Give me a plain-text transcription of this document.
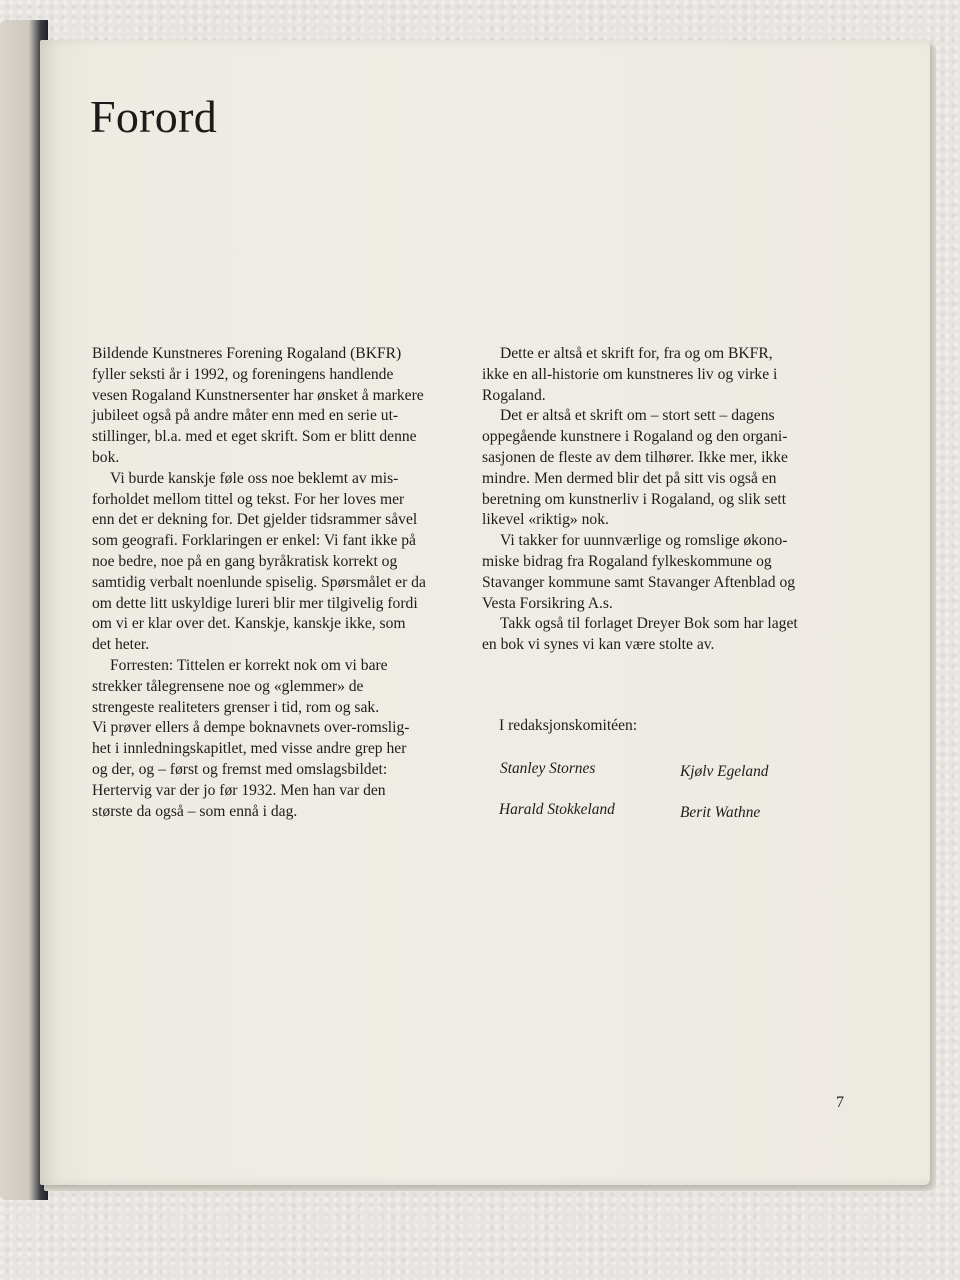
Forord

Bildende Kunstneres Forening Rogaland (BKFR)
fyller seksti år i 1992, og foreningens handlende
vesen Rogaland Kunstnersenter har ønsket å markere
jubileet også på andre måter enn med en serie ut-
stillinger, bl.a. med et eget skrift. Som er blitt denne
bok.

Vi burde kanskje føle oss noe beklemt av mis-
forholdet mellom tittel og tekst. For her loves mer
enn det er dekning for. Det gjelder tidsrammer såvel
som geografi. Forklaringen er enkel: Vi fant ikke på
noe bedre, noe på en gang byråkratisk korrekt og
samtidig verbalt noenlunde spiselig. Spørsmålet er da
om dette litt uskyldige lureri blir mer tilgivelig fordi
om vi er klar over det. Kanskje, kanskje ikke, som
det heter.

Forresten: Tittelen er korrekt nok om vi bare
strekker tålegrensene noe og «glemmer» de
strengeste realiteters grenser i tid, rom og sak.
Vi prøver ellers å dempe boknavnets over-romslig-
het i innledningskapitlet, med visse andre grep her
og der, og – først og fremst med omslagsbildet:
Hertervig var der jo før 1932. Men han var den
største da også – som ennå i dag.

Dette er altså et skrift for, fra og om BKFR,
ikke en all-historie om kunstneres liv og virke i
Rogaland.

Det er altså et skrift om – stort sett – dagens
oppegående kunstnere i Rogaland og den organi-
sasjonen de fleste av dem tilhører. Ikke mer, ikke
mindre. Men dermed blir det på sitt vis også en
beretning om kunstnerliv i Rogaland, og slik sett
likevel «riktig» nok.

Vi takker for uunnværlige og romslige økono-
miske bidrag fra Rogaland fylkeskommune og
Stavanger kommune samt Stavanger Aftenblad og
Vesta Forsikring A.s.

Takk også til forlaget Dreyer Bok som har laget
en bok vi synes vi kan være stolte av.

I redaksjonskomitéen:

Stanley Stornes	Kjølv Egeland
Harald Stokkeland	Berit Wathne
7
